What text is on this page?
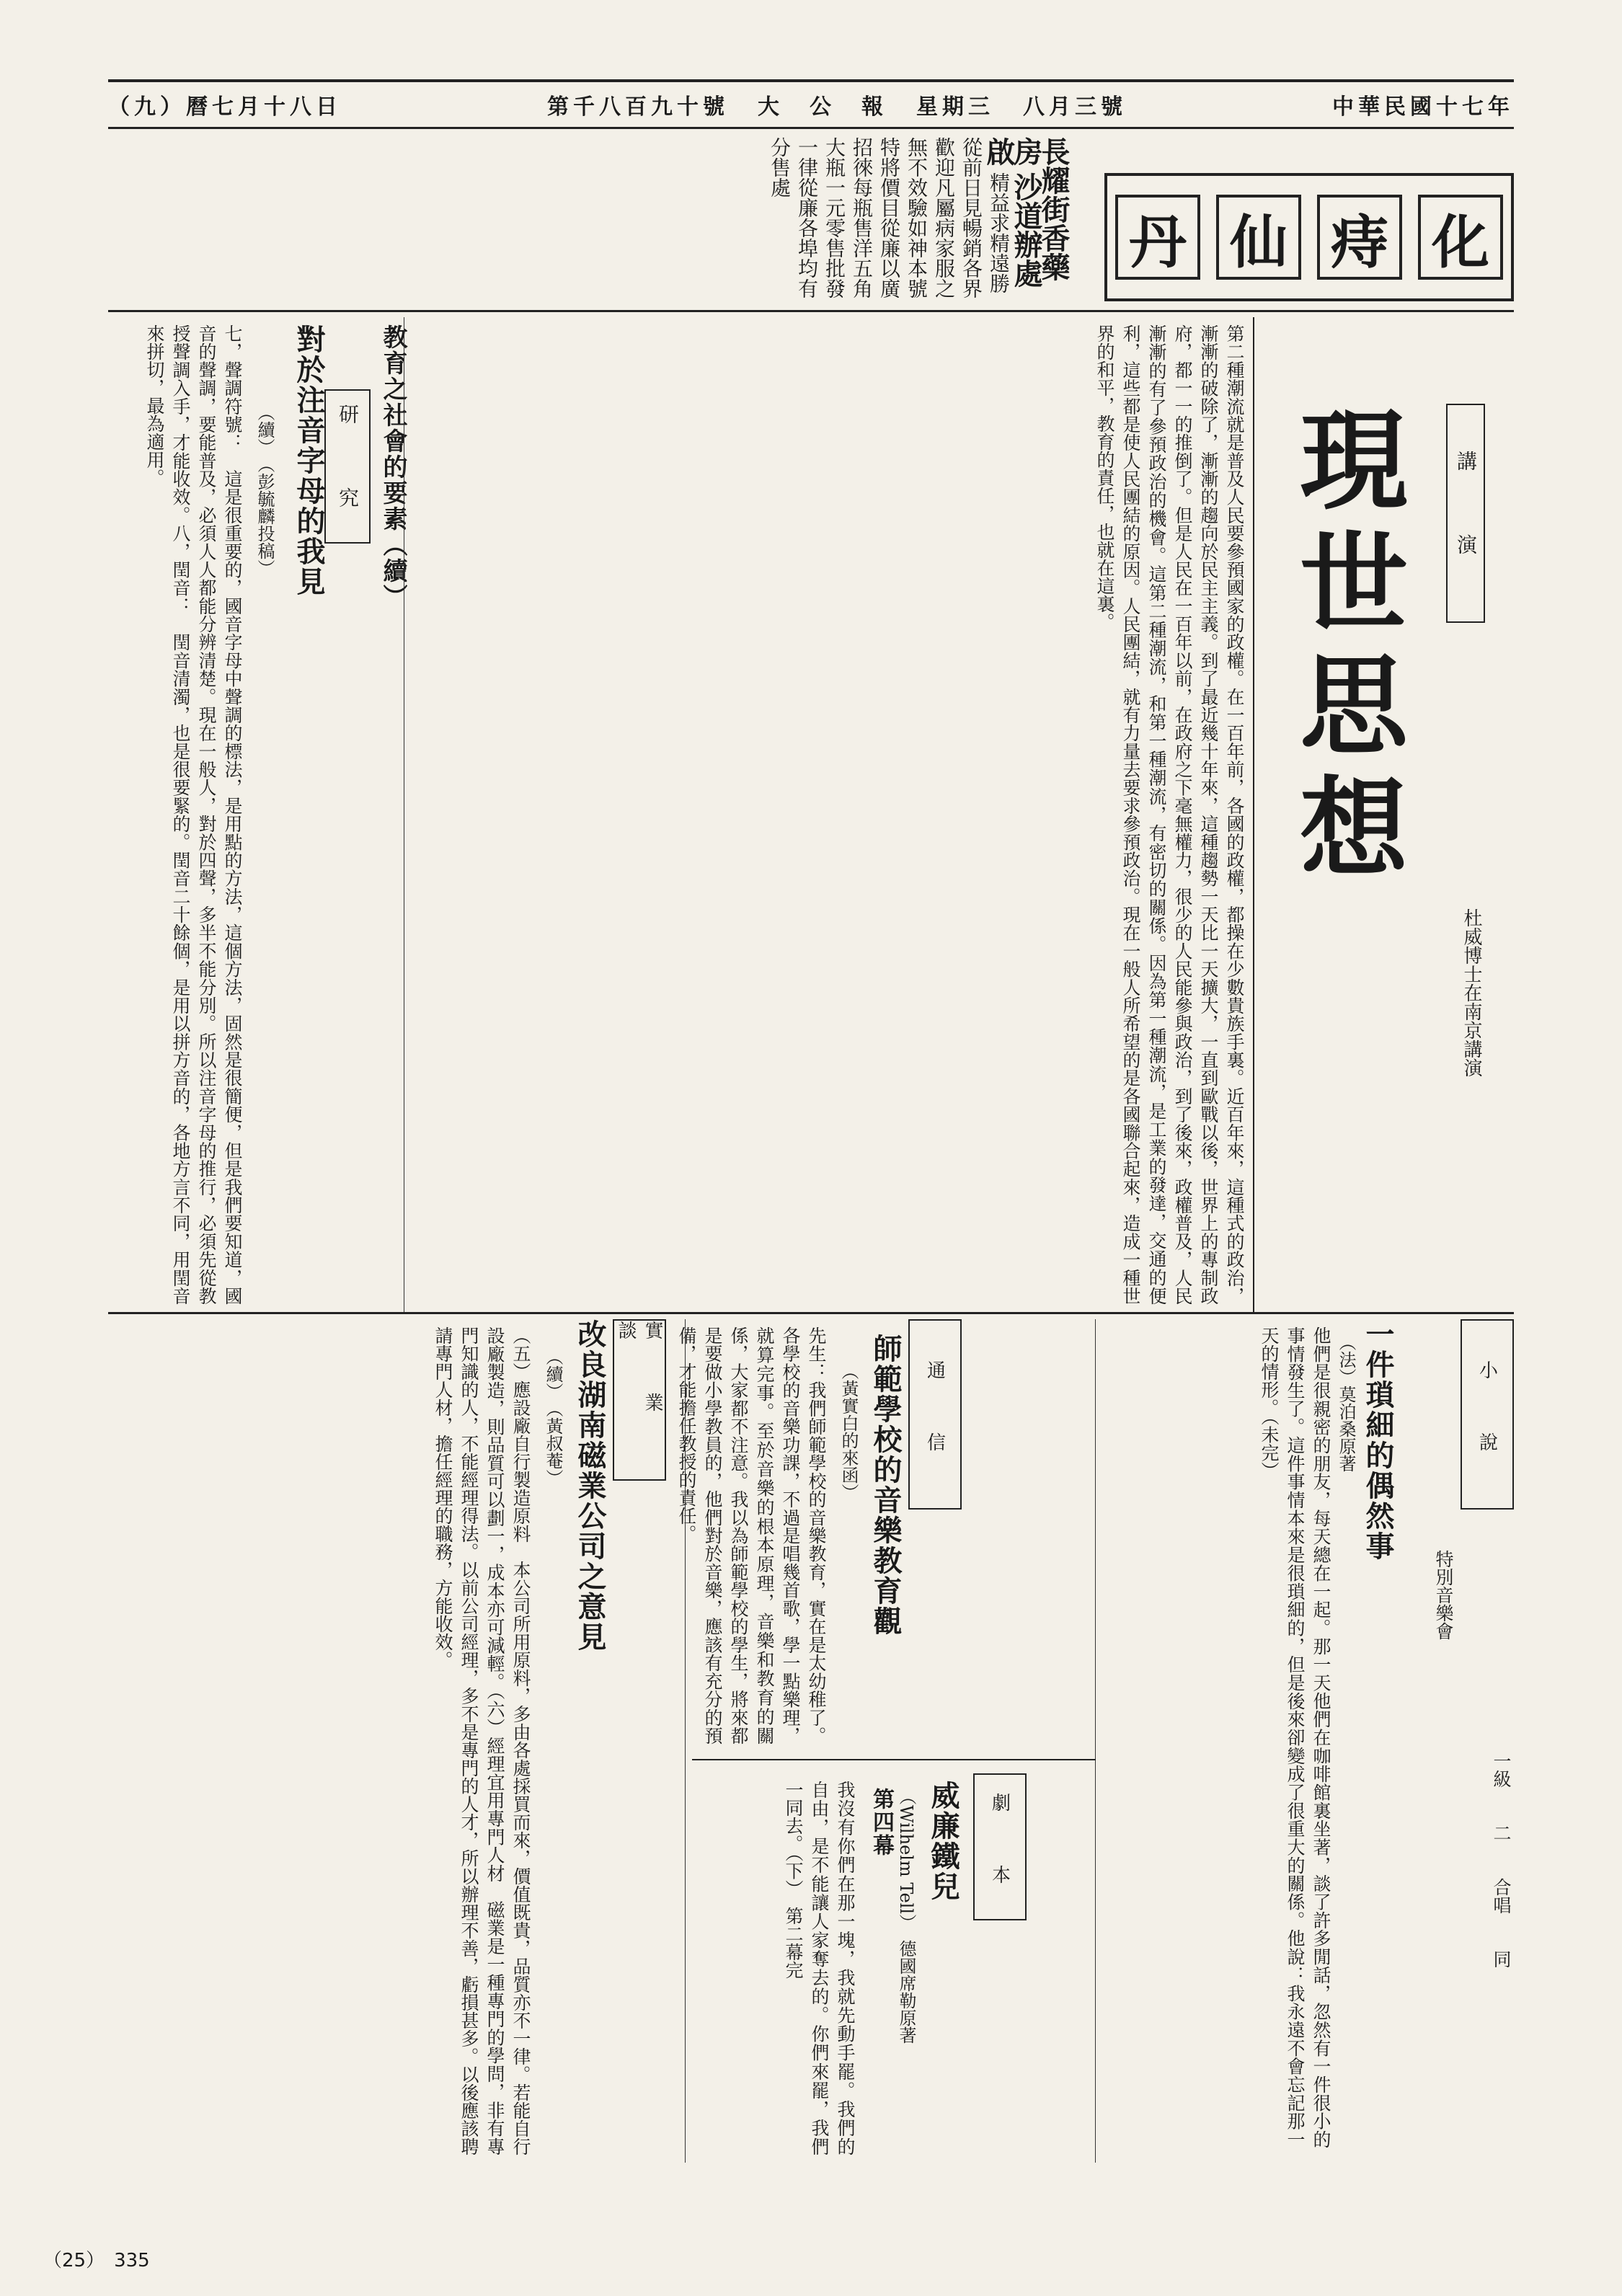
（九）曆七月十八日	第千八百九十號 大　公　報 星期三 八月三號	中華民國十七年
長耀街香藥房 沙道辦處啟 精益求精遠勝從前日見暢銷各界歡迎凡屬病家服之無不效驗如神本號特將價目從廉以廣招徠每瓶售洋五角大瓶一元零售批發一律從廉各埠均有分售處
丹 仙 痔 化
講　演
現世思想
杜威博士在南京講演
教育之社會的要素（續）	第二種潮流就是普及人民要參預國家的政權。在一百年前，各國的政權，都操在少數貴族手裏。近百年來，這種式的政治，漸漸的破除了，漸漸的趨向於民主主義。到了最近幾十年來，這種趨勢一天比一天擴大，一直到歐戰以後，世界上的專制政府，都一一的推倒了。但是人民在一百年以前，在政府之下毫無權力，很少的人民能參與政治，到了後來，政權普及，人民漸漸的有了參預政治的機會。這第二種潮流，和第一種潮流，有密切的關係。因為第一種潮流，是工業的發達，交通的便利，這些都是使人民團結的原因。人民團結，就有力量去要求參預政治。現在一般人所希望的是各國聯合起來，造成一種世界的和平，教育的責任，也就在這裏。
研　究
對於注音字母的我見
（續）　（彭毓麟投稿）
七，聲調符號：　這是很重要的，國音字母中聲調的標法，是用點的方法，這個方法，固然是很簡便，但是我們要知道，國音的聲調，要能普及，必須人人都能分辨清楚。現在一般人，對於四聲，多半不能分別。所以注音字母的推行，必須先從教授聲調入手，才能收效。八，閏音：　閏音清濁，也是很要緊的。閏音二十餘個，是用以拼方音的，各地方言不同，用閏音來拼切，最為適用。
小　說
一件瑣細的偶然事
（法）莫泊桑原著
他們是很親密的朋友，每天總在一起。那一天他們在咖啡館裏坐著，談了許多閒話，忽然有一件很小的事情發生了。這件事情本來是很瑣細的，但是後來卻變成了很重大的關係。他說：我永遠不會忘記那一天的情形。（未完）
特別音樂會
一級　　二　　合唱　　同
通　信
師範學校的音樂教育觀
（黃實白的來函）
先生：我們師範學校的音樂教育，實在是太幼稚了。各學校的音樂功課，不過是唱幾首歌，學一點樂理，就算完事。至於音樂的根本原理，音樂和教育的關係，大家都不注意。我以為師範學校的學生，將來都是要做小學教員的，他們對於音樂，應該有充分的預備，才能擔任教授的責任。
劇　本
威廉鐵兒
（Wilhelm Tell）　德國席勒原著
第四幕
我沒有你們在那一塊，我就先動手罷。我們的自由，是不能讓人家奪去的。你們來罷，我們一同去。（下）　第二幕完
實　業　談
改良湖南磁業公司之意見
（續）　（黃叔菴）
（五）應設廠自行製造原料　本公司所用原料，多由各處採買而來，價值既貴，品質亦不一律。若能自行設廠製造，則品質可以劃一，成本亦可減輕。（六）經理宜用專門人材　磁業是一種專門的學問，非有專門知識的人，不能經理得法。以前公司經理，多不是專門的人才，所以辦理不善，虧損甚多。以後應該聘請專門人材，擔任經理的職務，方能收效。
（25）　335
